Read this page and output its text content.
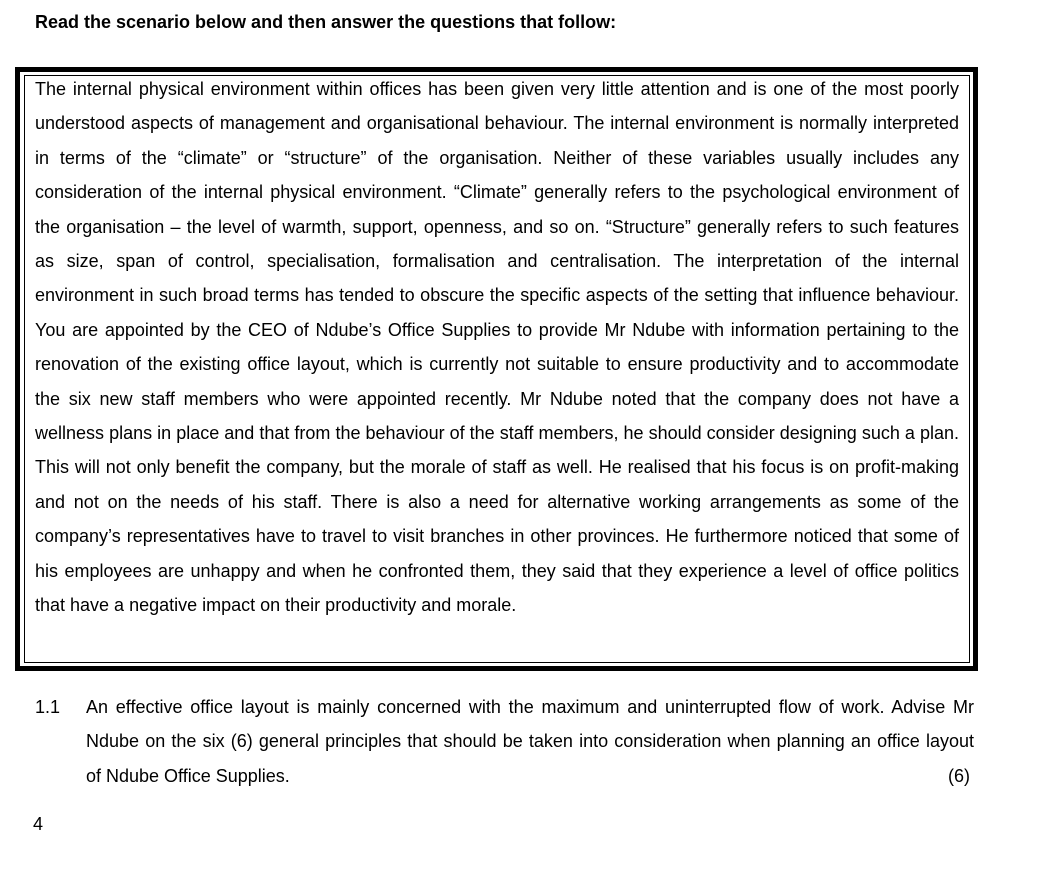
Read the scenario below and then answer the questions that follow:

The internal physical environment within offices has been given very little attention and is one of the most poorly understood aspects of management and organisational behaviour. The internal environment is normally interpreted in terms of the “climate” or “structure” of the organisation. Neither of these variables usually includes any consideration of the internal physical environment. “Climate” generally refers to the psychological environment of the organisation – the level of warmth, support, openness, and so on. “Structure” generally refers to such features as size, span of control, specialisation, formalisation and centralisation. The interpretation of the internal environment in such broad terms has tended to obscure the specific aspects of the setting that influence behaviour. You are appointed by the CEO of Ndube’s Office Supplies to provide Mr Ndube with information pertaining to the renovation of the existing office layout, which is currently not suitable to ensure productivity and to accommodate the six new staff members who were appointed recently. Mr Ndube noted that the company does not have a wellness plans in place and that from the behaviour of the staff members, he should consider designing such a plan. This will not only benefit the company, but the morale of staff as well. He realised that his focus is on profit-making and not on the needs of his staff. There is also a need for alternative working arrangements as some of the company’s representatives have to travel to visit branches in other provinces. He furthermore noticed that some of his employees are unhappy and when he confronted them, they said that they experience a level of office politics that have a negative impact on their productivity and morale.

1.1 An effective office layout is mainly concerned with the maximum and uninterrupted flow of work. Advise Mr Ndube on the six (6) general principles that should be taken into consideration when planning an office layout of Ndube Office Supplies.	(6)
4
